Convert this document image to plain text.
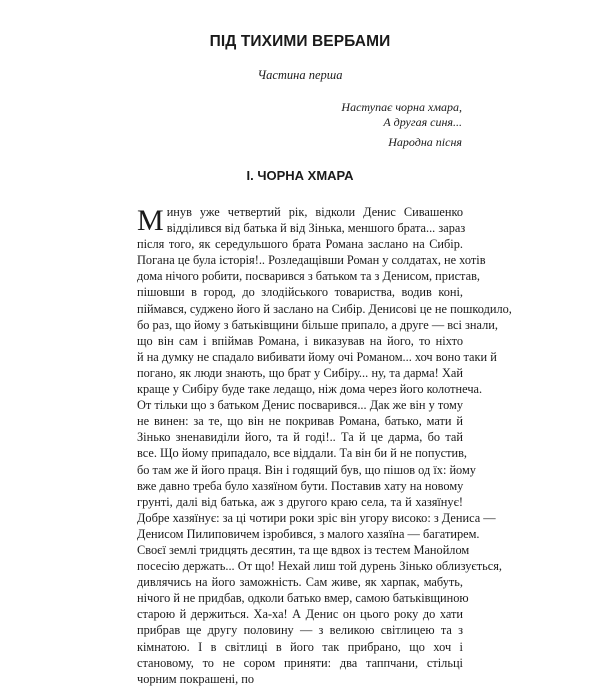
ПІД ТИХИМИ ВЕРБАМИ
Частина перша
Наступає чорна хмара,
А другая синя...
Народна пісня
I. ЧОРНА ХМАРА
М инув уже четвертий рік, відколи Денис Сивашенко
відділився від батька й від Зінька, меншого брата... зараз
після того, як середульшого брата Романа заслано на Сибір.
Погана це була історія!.. Розледащівши Роман у солдатах, не хотів
дома нічого робити, посварився з батьком та з Денисом, пристав,
пішовши в город, до злодійського товариства, водив коні,
піймався, суджено його й заслано на Сибір. Денисові це не пошкодило,
бо раз, що йому з батьківщини більше припало, а друге — всі знали,
що він сам і впіймав Романа, і виказував на його, то ніхто
й на думку не спадало вибивати йому очі Романом... хоч воно таки й
погано, як люди знають, що брат у Сибіру... ну, та дарма! Хай
краще у Сибіру буде таке ледащо, ніж дома через його колотнеча.
От тільки що з батьком Денис посварився... Дак же він у тому
не винен: за те, що він не покривав Романа, батько, мати й
Зінько зненавиділи його, та й годі!.. Та й це дарма, бо тай
все. Що йому припадало, все віддали. Та він би й не попустив,
бо там же й його праця. Він і годящий був, що пішов од їх: йому
вже давно треба було хазяїном бути. Поставив хату на новому
грунті, далі від батька, аж з другого краю села, та й хазяїнує!
Добре хазяїнує: за ці чотири роки зріс він угору високо: з Дениса —
Денисом Пилиповичем ізробився, з малого хазяїна — багатирем.
Своєї землі тридцять десятин, та ще вдвох із тестем Манойлом
посесію держать... От що! Нехай лиш той дурень Зінько облизується,
дивлячись на його заможність. Сам живе, як харпак, мабуть,
нічого й не придбав, одколи батько вмер, самою батьківщиною
старою й держиться. Ха-ха! А Денис он цього року до хати
прибрав ще другу половину — з великою світлицею та з
кімнатою. І в світлиці в його так прибрано, що хоч і
становому, то не сором приняти: два таппчани, стільці
чорним покрашені, по
